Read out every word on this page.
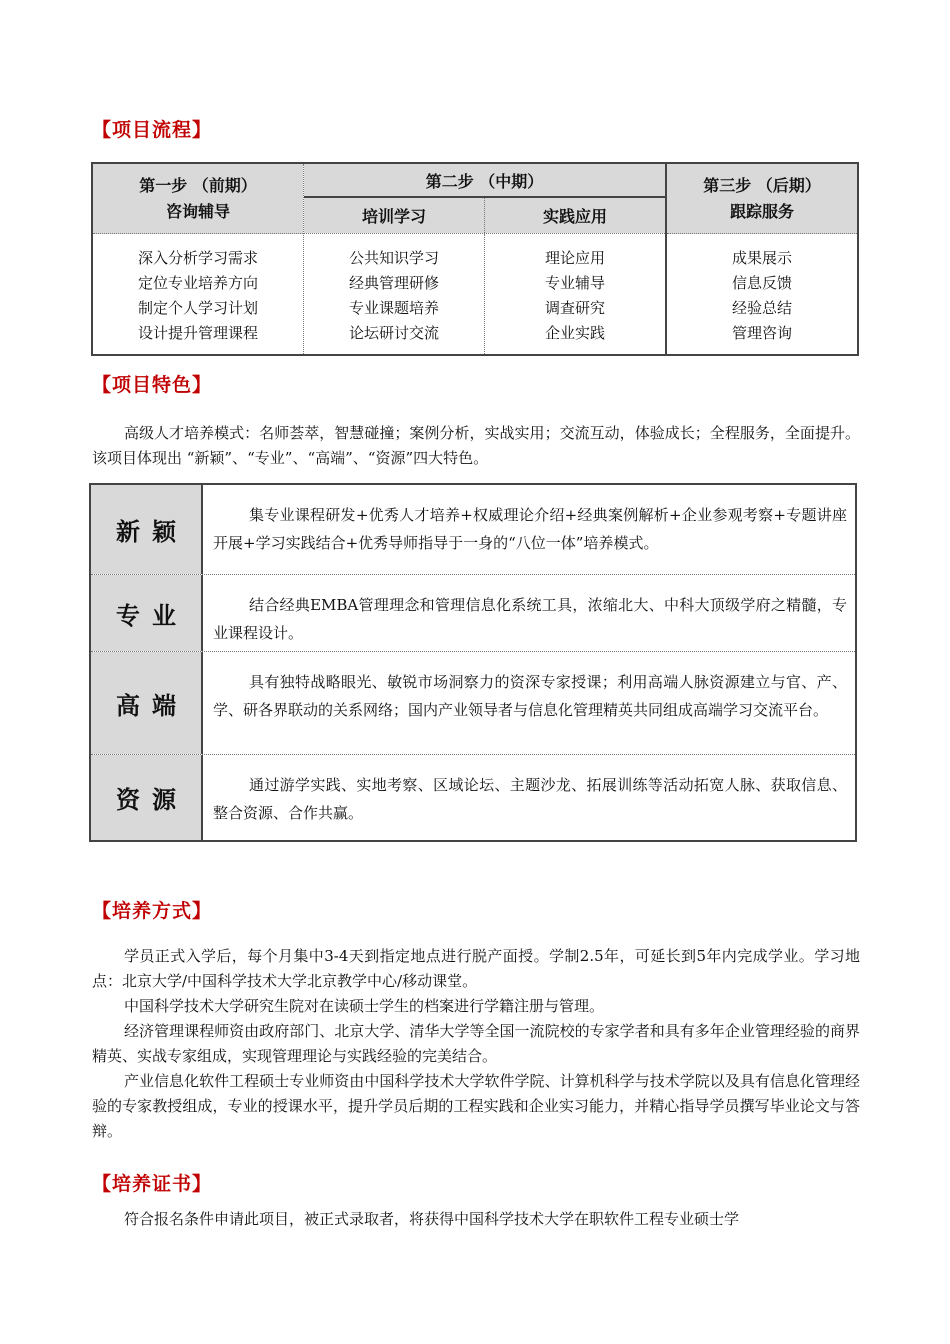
【项目流程】
第一步 （前期）
咨询辅导
深入分析学习需求
定位专业培养方向
制定个人学习计划
设计提升管理课程
第二步 （中期）
培训学习	实践应用
公共知识学习
经典管理研修
专业课题培养
论坛研讨交流
理论应用
专业辅导
调查研究
企业实践
第三步 （后期）
跟踪服务
成果展示
信息反馈
经验总结
管理咨询
【项目特色】

高级人才培养模式：名师荟萃，智慧碰撞；案例分析，实战实用；交流互动，体验成长；全程服务，全面提升。该项目体现出 “新颖”、“专业”、“高端”、“资源”四大特色。

新颖
集专业课程研发+优秀人才培养+权威理论介绍+经典案例解析+企业参观考察+专题讲座开展+学习实践结合+优秀导师指导于一身的“八位一体”培养模式。
专业	结合经典EMBA管理理念和管理信息化系统工具，浓缩北大、中科大顶级学府之精髓，专业课程设计。
高端
具有独特战略眼光、敏锐市场洞察力的资深专家授课；利用高端人脉资源建立与官、产、学、研各界联动的关系网络；国内产业领导者与信息化管理精英共同组成高端学习交流平台。
资源
通过游学实践、实地考察、区域论坛、主题沙龙、拓展训练等活动拓宽人脉、获取信息、整合资源、合作共赢。
【培养方式】

学员正式入学后，每个月集中3-4天到指定地点进行脱产面授。学制2.5年，可延长到5年内完成学业。学习地点：北京大学/中国科学技术大学北京教学中心/移动课堂。

中国科学技术大学研究生院对在读硕士学生的档案进行学籍注册与管理。

经济管理课程师资由政府部门、北京大学、清华大学等全国一流院校的专家学者和具有多年企业管理经验的商界精英、实战专家组成，实现管理理论与实践经验的完美结合。

产业信息化软件工程硕士专业师资由中国科学技术大学软件学院、计算机科学与技术学院以及具有信息化管理经验的专家教授组成，专业的授课水平，提升学员后期的工程实践和企业实习能力，并精心指导学员撰写毕业论文与答辩。

【培养证书】

符合报名条件申请此项目，被正式录取者，将获得中国科学技术大学在职软件工程专业硕士学
